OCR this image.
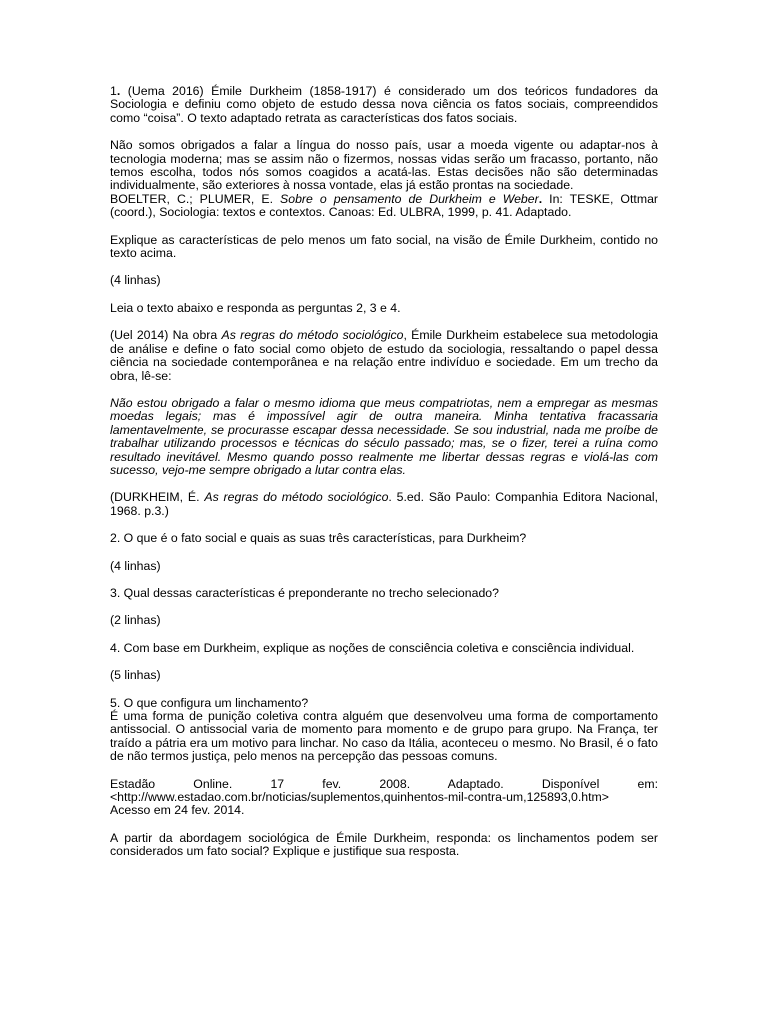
1. (Uema 2016) Émile Durkheim (1858-1917) é considerado um dos teóricos fundadores da Sociologia e definiu como objeto de estudo dessa nova ciência os fatos sociais, compreendidos como “coisa”. O texto adaptado retrata as características dos fatos sociais.

Não somos obrigados a falar a língua do nosso país, usar a moeda vigente ou adaptar-nos à tecnologia moderna; mas se assim não o fizermos, nossas vidas serão um fracasso, portanto, não temos escolha, todos nós somos coagidos a acatá-las. Estas decisões não são determinadas individualmente, são exteriores à nossa vontade, elas já estão prontas na sociedade.

BOELTER, C.; PLUMER, E. Sobre o pensamento de Durkheim e Weber. In: TESKE, Ottmar (coord.), Sociologia: textos e contextos. Canoas: Ed. ULBRA, 1999, p. 41. Adaptado.

Explique as características de pelo menos um fato social, na visão de Émile Durkheim, contido no texto acima.

(4 linhas)

Leia o texto abaixo e responda as perguntas 2, 3 e 4.

(Uel 2014) Na obra As regras do método sociológico, Émile Durkheim estabelece sua metodologia de análise e define o fato social como objeto de estudo da sociologia, ressaltando o papel dessa ciência na sociedade contemporânea e na relação entre indivíduo e sociedade. Em um trecho da obra, lê-se:

Não estou obrigado a falar o mesmo idioma que meus compatriotas, nem a empregar as mesmas moedas legais; mas é impossível agir de outra maneira. Minha tentativa fracassaria lamentavelmente, se procurasse escapar dessa necessidade. Se sou industrial, nada me proíbe de trabalhar utilizando processos e técnicas do século passado; mas, se o fizer, terei a ruína como resultado inevitável. Mesmo quando posso realmente me libertar dessas regras e violá-las com sucesso, vejo-me sempre obrigado a lutar contra elas.

(DURKHEIM, É. As regras do método sociológico. 5.ed. São Paulo: Companhia Editora Nacional, 1968. p.3.)

2. O que é o fato social e quais as suas três características, para Durkheim?

(4 linhas)

3. Qual dessas características é preponderante no trecho selecionado?

(2 linhas)

4. Com base em Durkheim, explique as noções de consciência coletiva e consciência individual.

(5 linhas)

5. O que configura um linchamento?

É uma forma de punição coletiva contra alguém que desenvolveu uma forma de comportamento antissocial. O antissocial varia de momento para momento e de grupo para grupo. Na França, ter traído a pátria era um motivo para linchar. No caso da Itália, aconteceu o mesmo. No Brasil, é o fato de não termos justiça, pelo menos na percepção das pessoas comuns.

Estadão Online. 17 fev. 2008. Adaptado. Disponível em:

<http://www.estadao.com.br/noticias/suplementos,quinhentos-mil-contra-um,125893,0.htm>

Acesso em 24 fev. 2014.

A partir da abordagem sociológica de Émile Durkheim, responda: os linchamentos podem ser considerados um fato social? Explique e justifique sua resposta.
